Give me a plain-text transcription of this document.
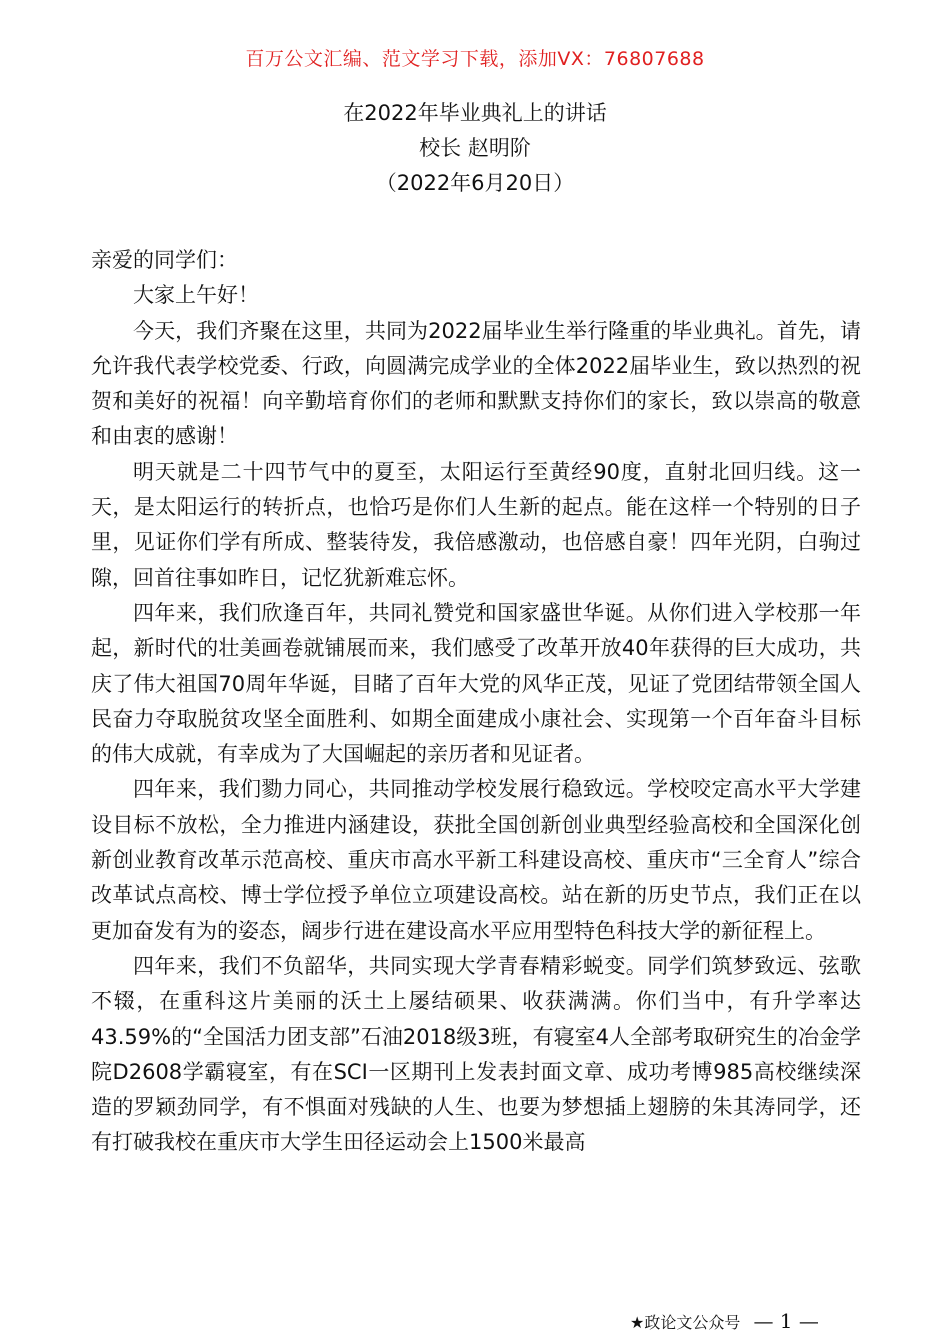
百万公文汇编、范文学习下载，添加VX：76807688
在2022年毕业典礼上的讲话
校长 赵明阶
（2022年6月20日）

亲爱的同学们：

大家上午好！

今天，我们齐聚在这里，共同为2022届毕业生举行隆重的毕业典礼。首先，请允许我代表学校党委、行政，向圆满完成学业的全体2022届毕业生，致以热烈的祝贺和美好的祝福！向辛勤培育你们的老师和默默支持你们的家长，致以崇高的敬意和由衷的感谢！

明天就是二十四节气中的夏至，太阳运行至黄经90度，直射北回归线。这一天，是太阳运行的转折点，也恰巧是你们人生新的起点。能在这样一个特别的日子里，见证你们学有所成、整装待发，我倍感激动，也倍感自豪！四年光阴，白驹过隙，回首往事如昨日，记忆犹新难忘怀。

四年来，我们欣逢百年，共同礼赞党和国家盛世华诞。从你们进入学校那一年起，新时代的壮美画卷就铺展而来，我们感受了改革开放40年获得的巨大成功，共庆了伟大祖国70周年华诞，目睹了百年大党的风华正茂，见证了党团结带领全国人民奋力夺取脱贫攻坚全面胜利、如期全面建成小康社会、实现第一个百年奋斗目标的伟大成就，有幸成为了大国崛起的亲历者和见证者。

四年来，我们勠力同心，共同推动学校发展行稳致远。学校咬定高水平大学建设目标不放松，全力推进内涵建设，获批全国创新创业典型经验高校和全国深化创新创业教育改革示范高校、重庆市高水平新工科建设高校、重庆市“三全育人”综合改革试点高校、博士学位授予单位立项建设高校。站在新的历史节点，我们正在以更加奋发有为的姿态，阔步行进在建设高水平应用型特色科技大学的新征程上。

四年来，我们不负韶华，共同实现大学青春精彩蜕变。同学们筑梦致远、弦歌不辍，在重科这片美丽的沃土上屡结硕果、收获满满。你们当中，有升学率达43.59%的“全国活力团支部”石油2018级3班，有寝室4人全部考取研究生的冶金学院D2608学霸寝室，有在SCI一区期刊上发表封面文章、成功考博985高校继续深造的罗颖劲同学，有不惧面对残缺的人生、也要为梦想插上翅膀的朱其涛同学，还有打破我校在重庆市大学生田径运动会上1500米最高

★政论文公众号 — 1 —
